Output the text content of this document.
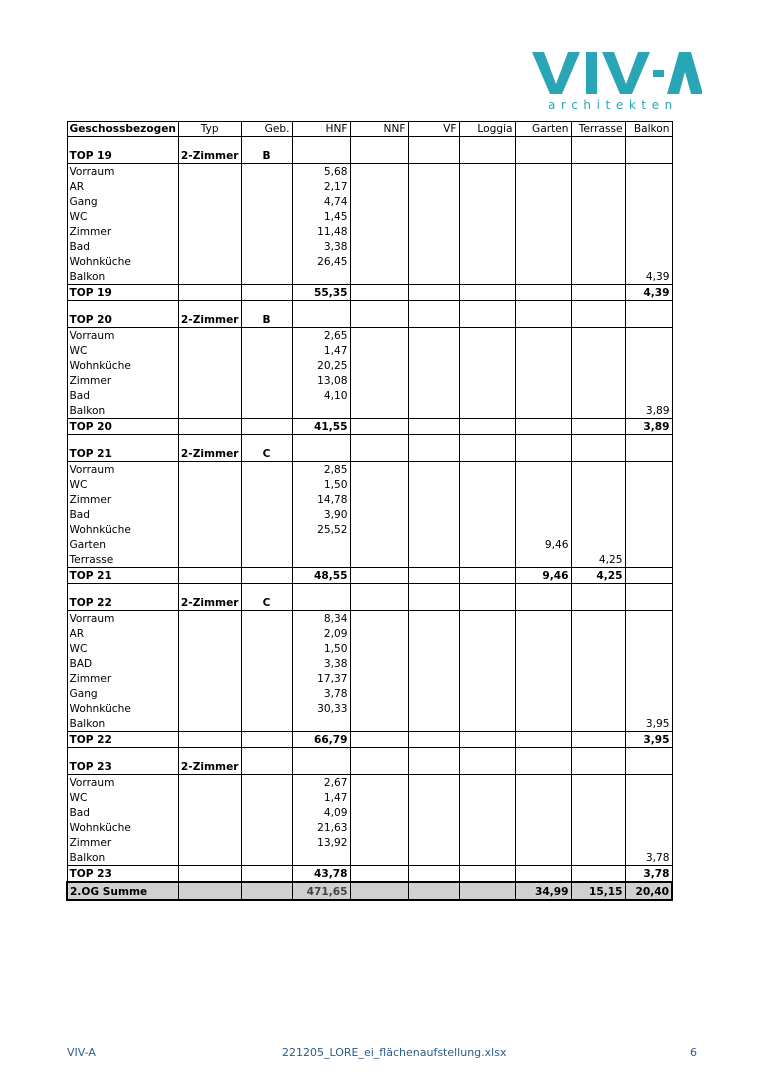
architekten
Geschossbezogen	Typ	Geb.	HNF	NNF	VF	Loggia	Garten	Terrasse	Balkon

TOP 19	2-Zimmer	B							
Vorraum			5,68						
AR			2,17						
Gang			4,74						
WC			1,45						
Zimmer			11,48						
Bad			3,38						
Wohnküche			26,45						
Balkon									4,39
TOP 19			55,35						4,39

TOP 20	2-Zimmer	B							
Vorraum			2,65						
WC			1,47						
Wohnküche			20,25						
Zimmer			13,08						
Bad			4,10						
Balkon									3,89
TOP 20			41,55						3,89

TOP 21	2-Zimmer	C							
Vorraum			2,85						
WC			1,50						
Zimmer			14,78						
Bad			3,90						
Wohnküche			25,52						
Garten							9,46		
Terrasse								4,25	
TOP 21			48,55				9,46	4,25	

TOP 22	2-Zimmer	C							
Vorraum			8,34						
AR			2,09						
WC			1,50						
BAD			3,38						
Zimmer			17,37						
Gang			3,78						
Wohnküche			30,33						
Balkon									3,95
TOP 22			66,79						3,95

TOP 23	2-Zimmer								
Vorraum			2,67						
WC			1,47						
Bad			4,09						
Wohnküche			21,63						
Zimmer			13,92						
Balkon									3,78
TOP 23			43,78						3,78
2.OG Summe			471,65				34,99	15,15	20,40
VIV-A	221205_LORE_ei_flächenaufstellung.xlsx	6
